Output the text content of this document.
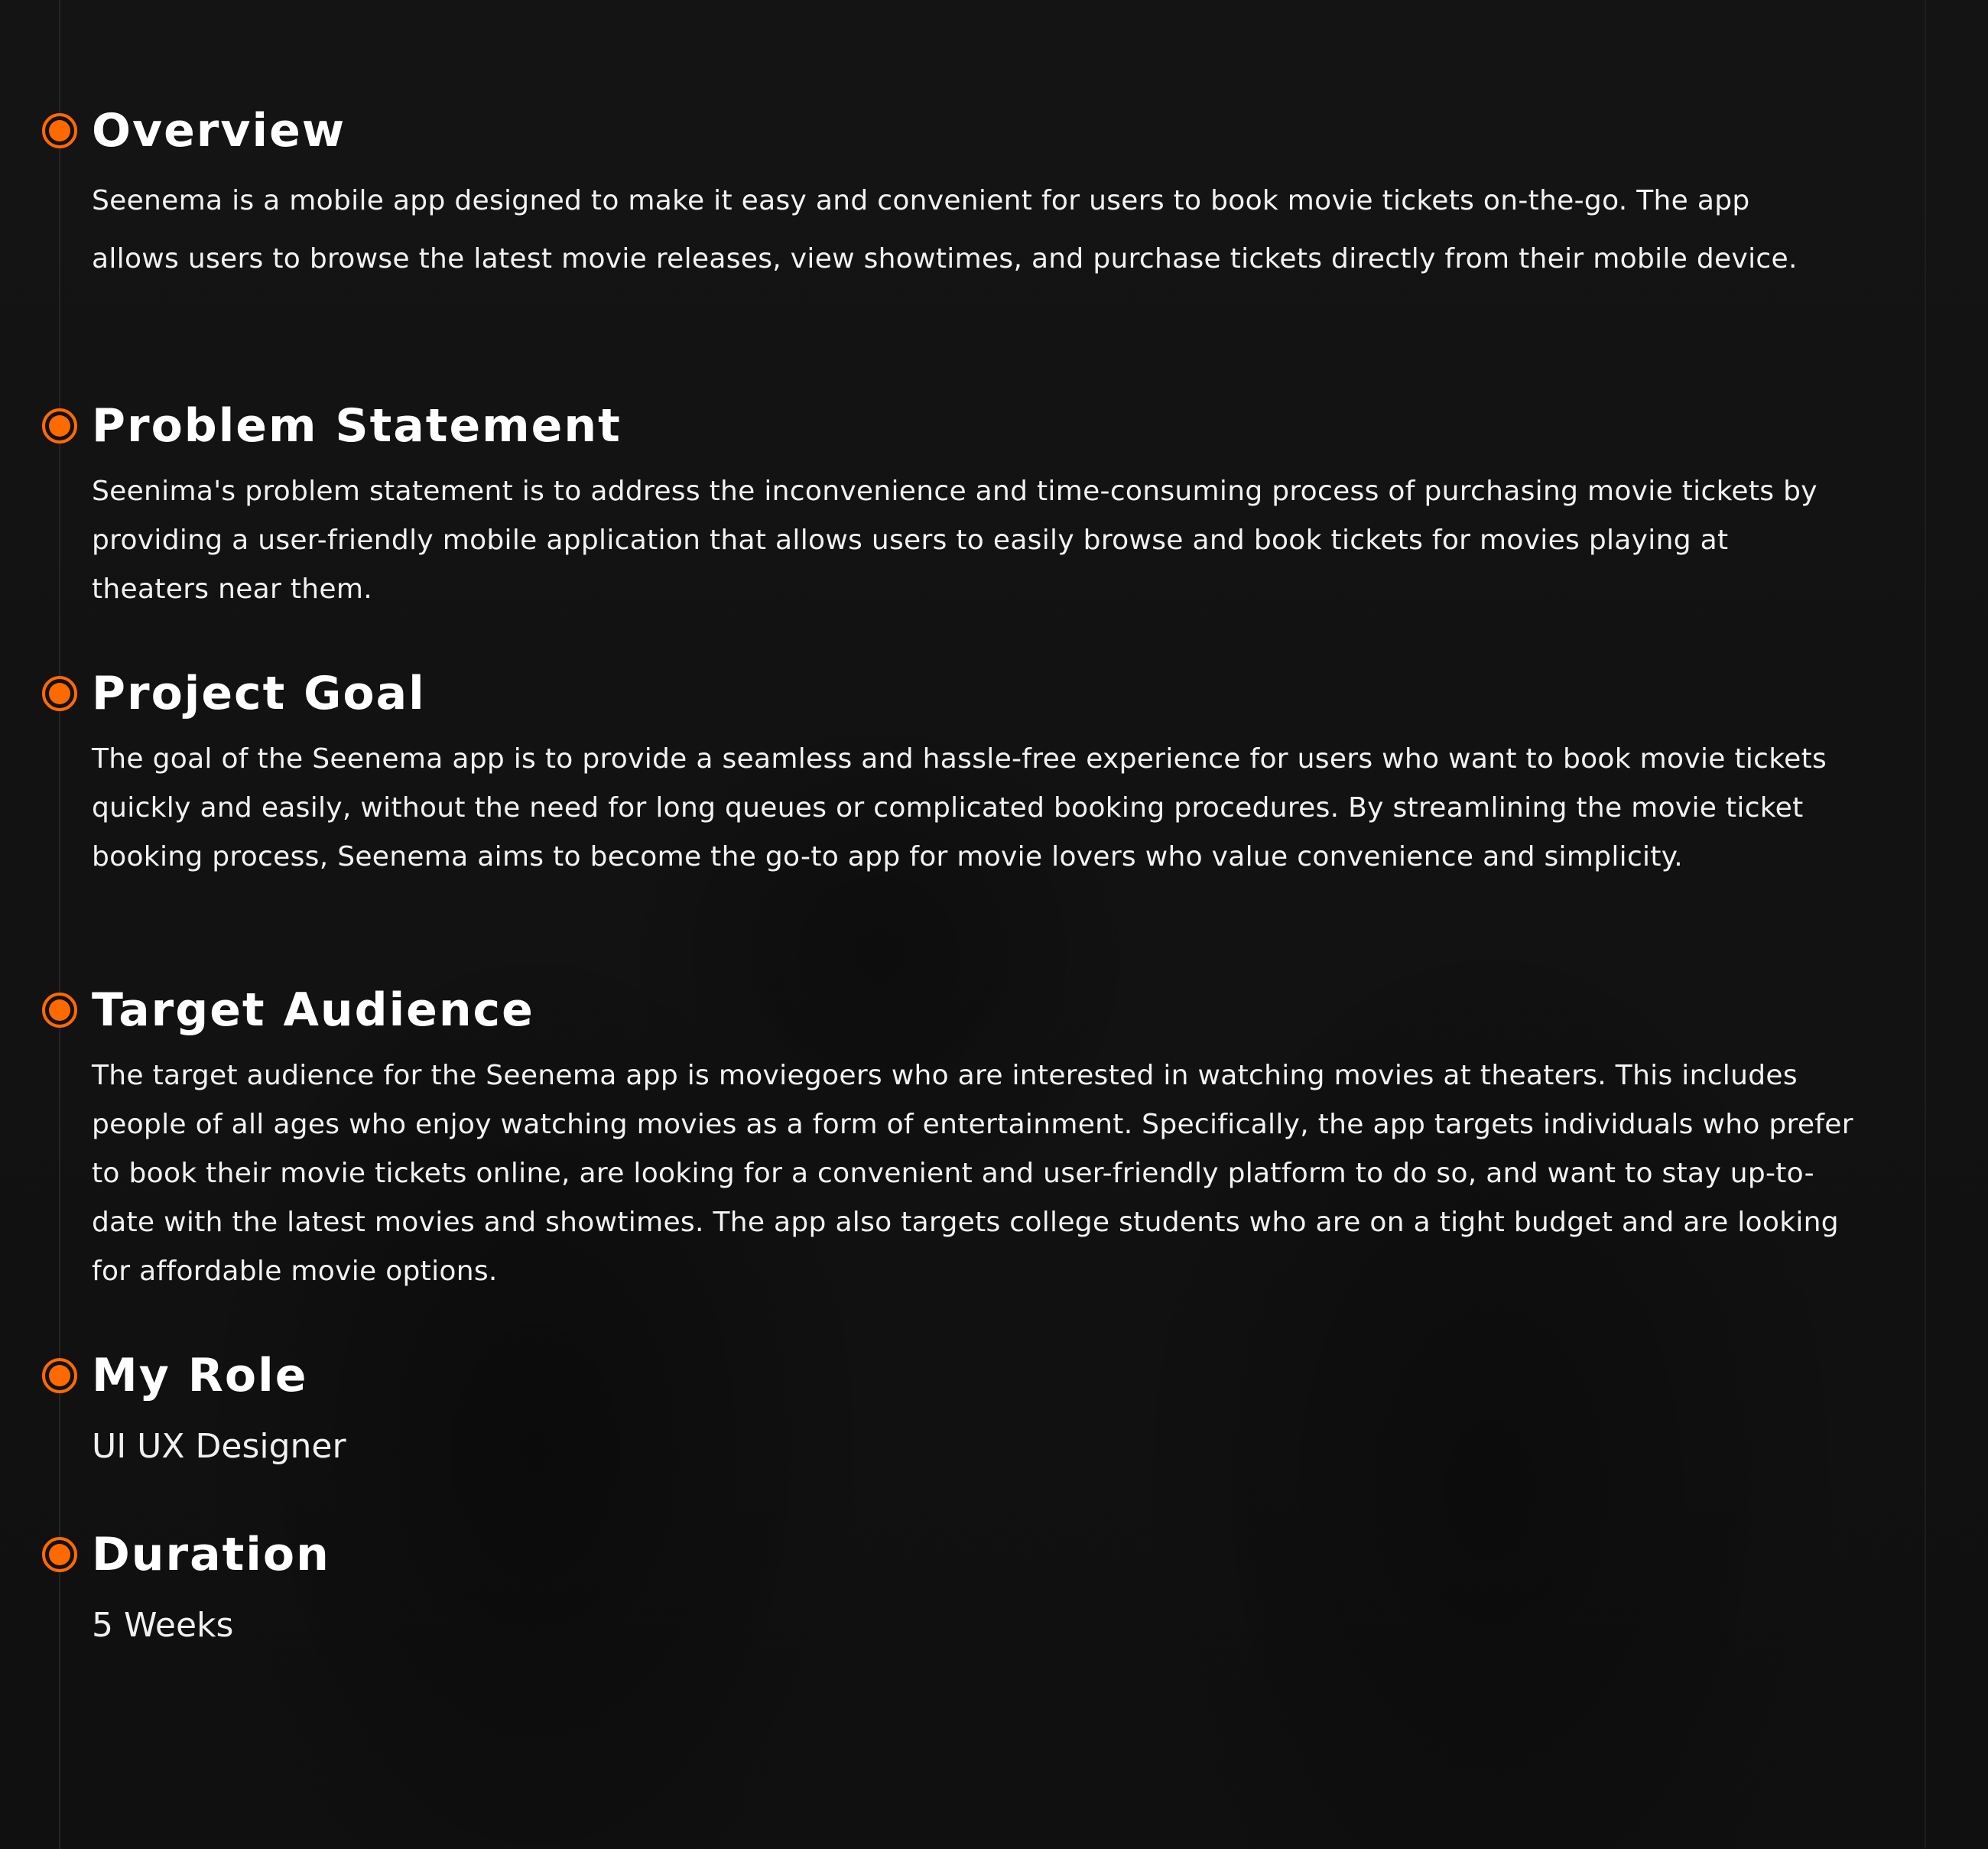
Overview

Seenema is a mobile app designed to make it easy and convenient for users to book movie tickets on-the-go. The app allows users to browse the latest movie releases, view showtimes, and purchase tickets directly from their mobile device.

Problem Statement

Seenima's problem statement is to address the inconvenience and time-consuming process of purchasing movie tickets by providing a user-friendly mobile application that allows users to easily browse and book tickets for movies playing at theaters near them.

Project Goal

The goal of the Seenema app is to provide a seamless and hassle-free experience for users who want to book movie tickets quickly and easily, without the need for long queues or complicated booking procedures. By streamlining the movie ticket booking process, Seenema aims to become the go-to app for movie lovers who value convenience and simplicity.

Target Audience

The target audience for the Seenema app is moviegoers who are interested in watching movies at theaters. This includes people of all ages who enjoy watching movies as a form of entertainment. Specifically, the app targets individuals who prefer to book their movie tickets online, are looking for a convenient and user-friendly platform to do so, and want to stay up-to-date with the latest movies and showtimes. The app also targets college students who are on a tight budget and are looking for affordable movie options.

My Role

UI UX Designer

Duration

5 Weeks
